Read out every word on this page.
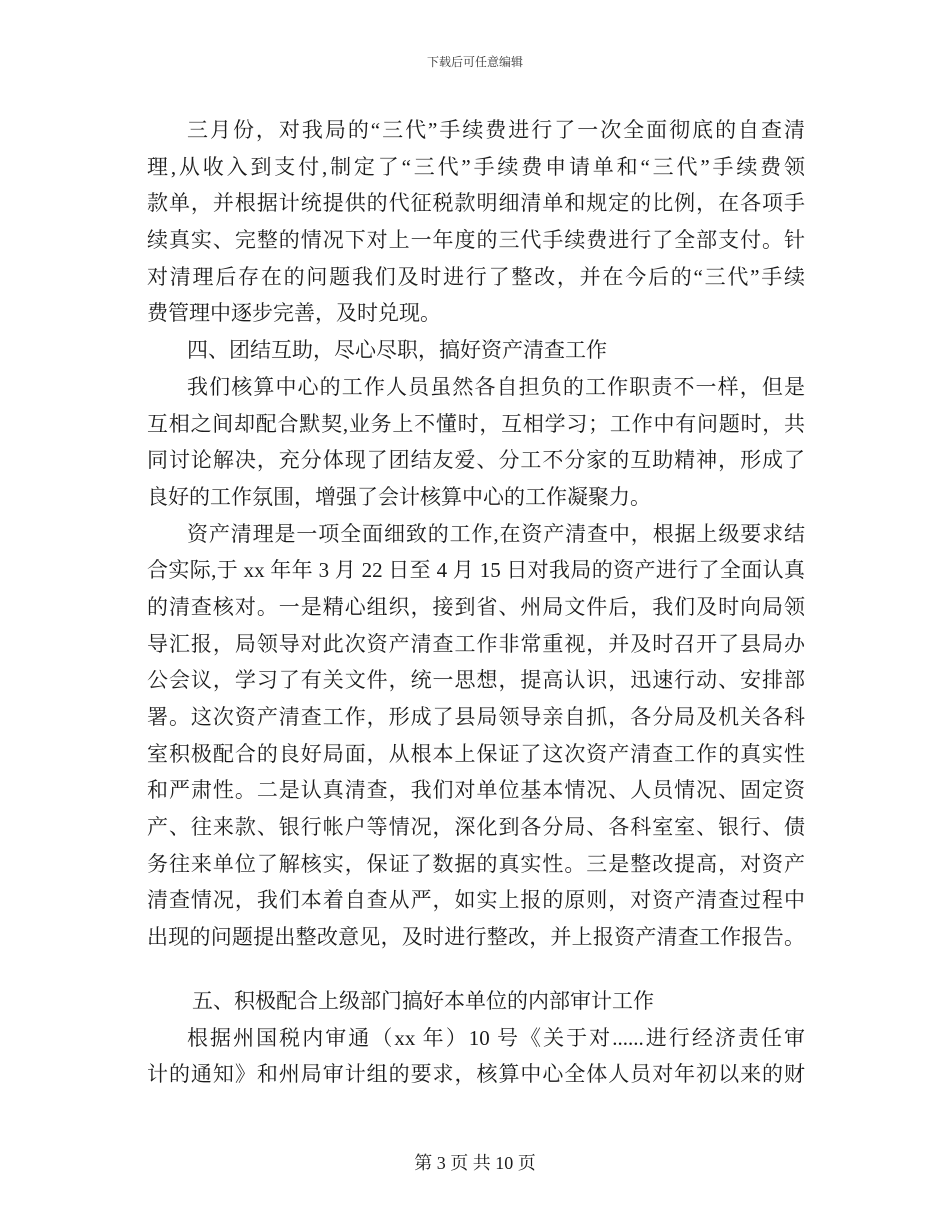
下载后可任意编辑
三月份，对我局的“三代”手续费进行了一次全面彻底的自查清
理,从收入到支付,制定了“三代”手续费申请单和“三代”手续费领
款单，并根据计统提供的代征税款明细清单和规定的比例，在各项手
续真实、完整的情况下对上一年度的三代手续费进行了全部支付。针
对清理后存在的问题我们及时进行了整改，并在今后的“三代”手续
费管理中逐步完善，及时兑现。
四、团结互助，尽心尽职，搞好资产清查工作
我们核算中心的工作人员虽然各自担负的工作职责不一样，但是
互相之间却配合默契,业务上不懂时，互相学习；工作中有问题时，共
同讨论解决，充分体现了团结友爱、分工不分家的互助精神，形成了
良好的工作氛围，增强了会计核算中心的工作凝聚力。
资产清理是一项全面细致的工作,在资产清查中，根据上级要求结
合实际,于 xx 年年 3 月 22 日至 4 月 15 日对我局的资产进行了全面认真
的清查核对。一是精心组织，接到省、州局文件后，我们及时向局领
导汇报，局领导对此次资产清查工作非常重视，并及时召开了县局办
公会议，学习了有关文件，统一思想，提高认识，迅速行动、安排部
署。这次资产清查工作，形成了县局领导亲自抓，各分局及机关各科
室积极配合的良好局面，从根本上保证了这次资产清查工作的真实性
和严肃性。二是认真清查，我们对单位基本情况、人员情况、固定资
产、往来款、银行帐户等情况，深化到各分局、各科室室、银行、债
务往来单位了解核实，保证了数据的真实性。三是整改提高，对资产
清查情况，我们本着自查从严，如实上报的原则，对资产清查过程中
出现的问题提出整改意见，及时进行整改，并上报资产清查工作报告。
五、积极配合上级部门搞好本单位的内部审计工作
根据州国税内审通（xx 年）10 号《关于对......进行经济责任审
计的通知》和州局审计组的要求，核算中心全体人员对年初以来的财
第 3 页 共 10 页
